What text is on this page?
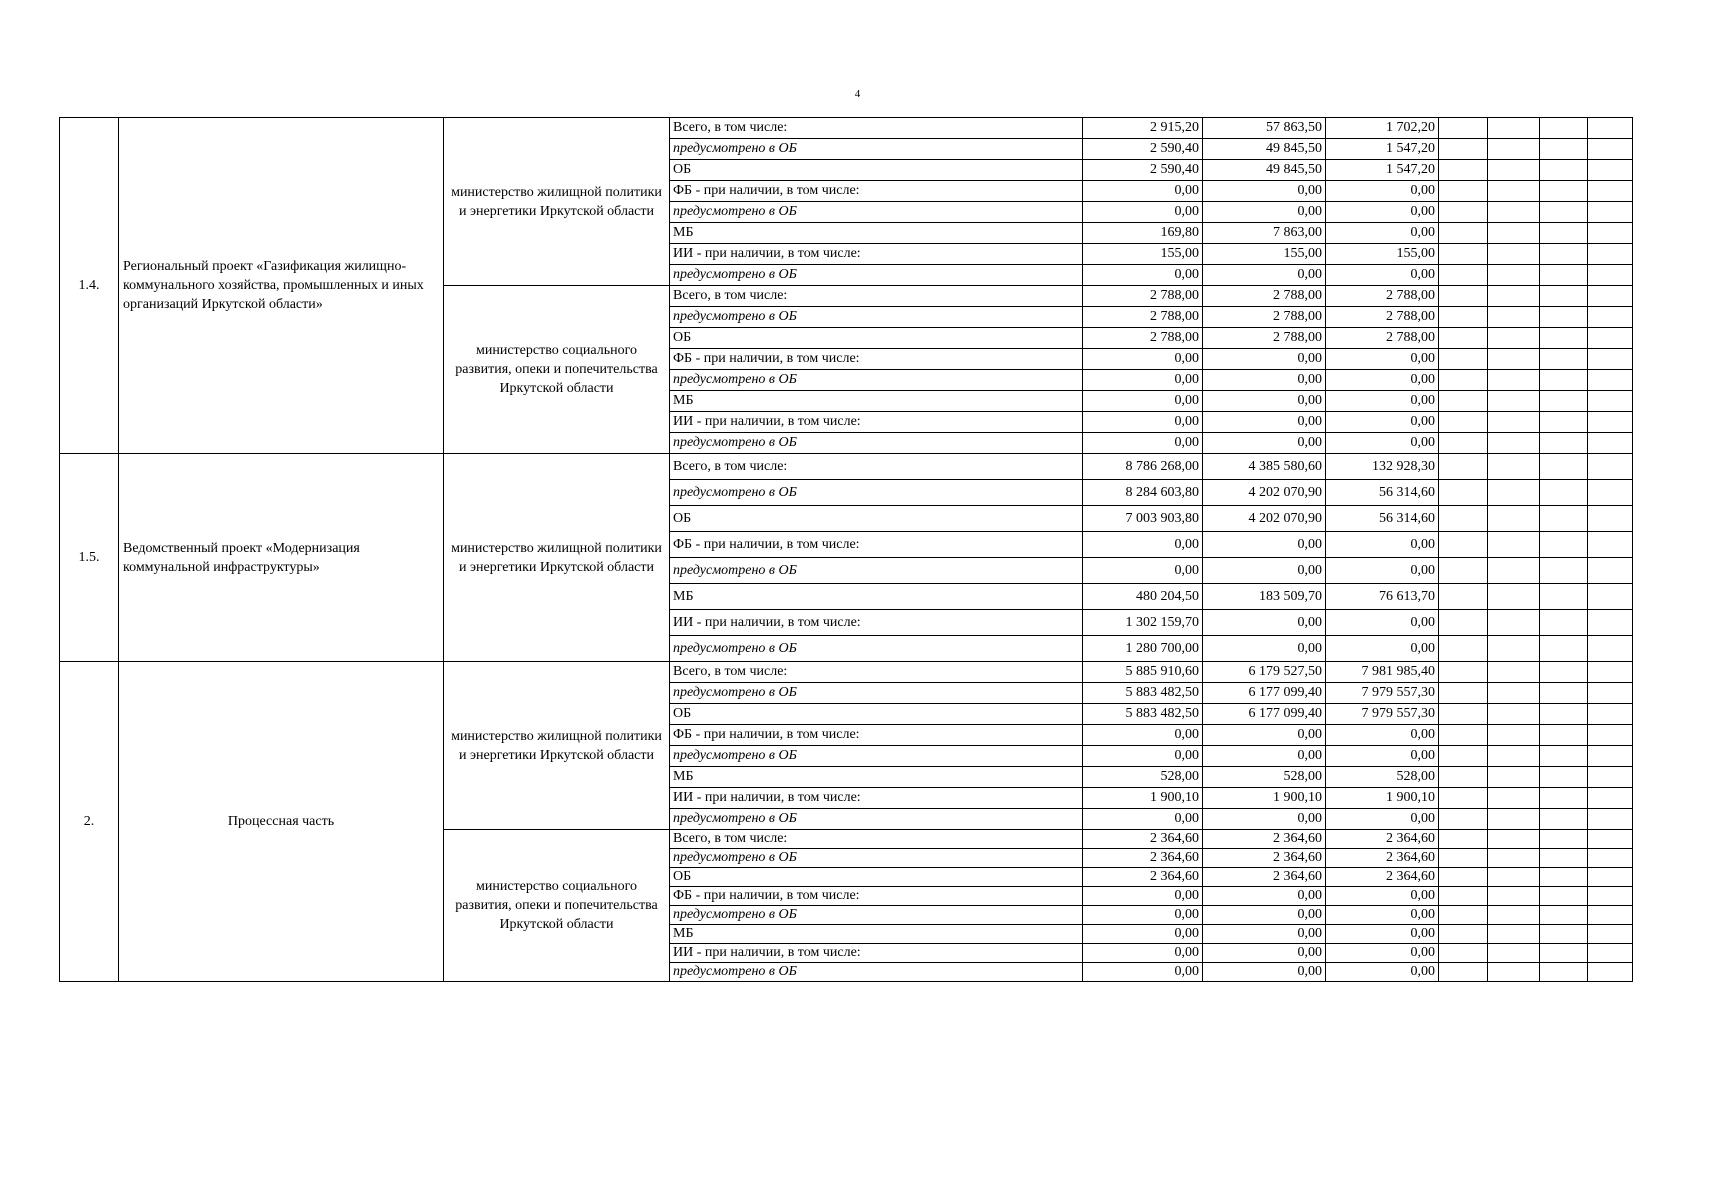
4
1.4.	Региональный проект «Газификация жилищно-коммунального хозяйства, промышленных и иных организаций Иркутской области»	министерство жилищной политики и энергетики Иркутской области	Всего, в том числе:	2 915,20	57 863,50	1 702,20				
			предусмотрено в ОБ	2 590,40	49 845,50	1 547,20				
			ОБ	2 590,40	49 845,50	1 547,20				
			ФБ - при наличии, в том числе:	0,00	0,00	0,00				
			предусмотрено в ОБ	0,00	0,00	0,00				
			МБ	169,80	7 863,00	0,00				
			ИИ - при наличии, в том числе:	155,00	155,00	155,00				
			предусмотрено в ОБ	0,00	0,00	0,00				
		министерство социального развития, опеки и попечительства Иркутской области	Всего, в том числе:	2 788,00	2 788,00	2 788,00				
			предусмотрено в ОБ	2 788,00	2 788,00	2 788,00				
			ОБ	2 788,00	2 788,00	2 788,00				
			ФБ - при наличии, в том числе:	0,00	0,00	0,00				
			предусмотрено в ОБ	0,00	0,00	0,00				
			МБ	0,00	0,00	0,00				
			ИИ - при наличии, в том числе:	0,00	0,00	0,00				
			предусмотрено в ОБ	0,00	0,00	0,00				
1.5.	Ведомственный проект «Модернизация коммунальной инфраструктуры»	министерство жилищной политики и энергетики Иркутской области	Всего, в том числе:	8 786 268,00	4 385 580,60	132 928,30				
			предусмотрено в ОБ	8 284 603,80	4 202 070,90	56 314,60				
			ОБ	7 003 903,80	4 202 070,90	56 314,60				
			ФБ - при наличии, в том числе:	0,00	0,00	0,00				
			предусмотрено в ОБ	0,00	0,00	0,00				
			МБ	480 204,50	183 509,70	76 613,70				
			ИИ - при наличии, в том числе:	1 302 159,70	0,00	0,00				
			предусмотрено в ОБ	1 280 700,00	0,00	0,00				
2.	Процессная часть	министерство жилищной политики и энергетики Иркутской области	Всего, в том числе:	5 885 910,60	6 179 527,50	7 981 985,40				
			предусмотрено в ОБ	5 883 482,50	6 177 099,40	7 979 557,30				
			ОБ	5 883 482,50	6 177 099,40	7 979 557,30				
			ФБ - при наличии, в том числе:	0,00	0,00	0,00				
			предусмотрено в ОБ	0,00	0,00	0,00				
			МБ	528,00	528,00	528,00				
			ИИ - при наличии, в том числе:	1 900,10	1 900,10	1 900,10				
			предусмотрено в ОБ	0,00	0,00	0,00				
		министерство социального развития, опеки и попечительства Иркутской области	Всего, в том числе:	2 364,60	2 364,60	2 364,60				
			предусмотрено в ОБ	2 364,60	2 364,60	2 364,60				
			ОБ	2 364,60	2 364,60	2 364,60				
			ФБ - при наличии, в том числе:	0,00	0,00	0,00				
			предусмотрено в ОБ	0,00	0,00	0,00				
			МБ	0,00	0,00	0,00				
			ИИ - при наличии, в том числе:	0,00	0,00	0,00				
			предусмотрено в ОБ	0,00	0,00	0,00				
